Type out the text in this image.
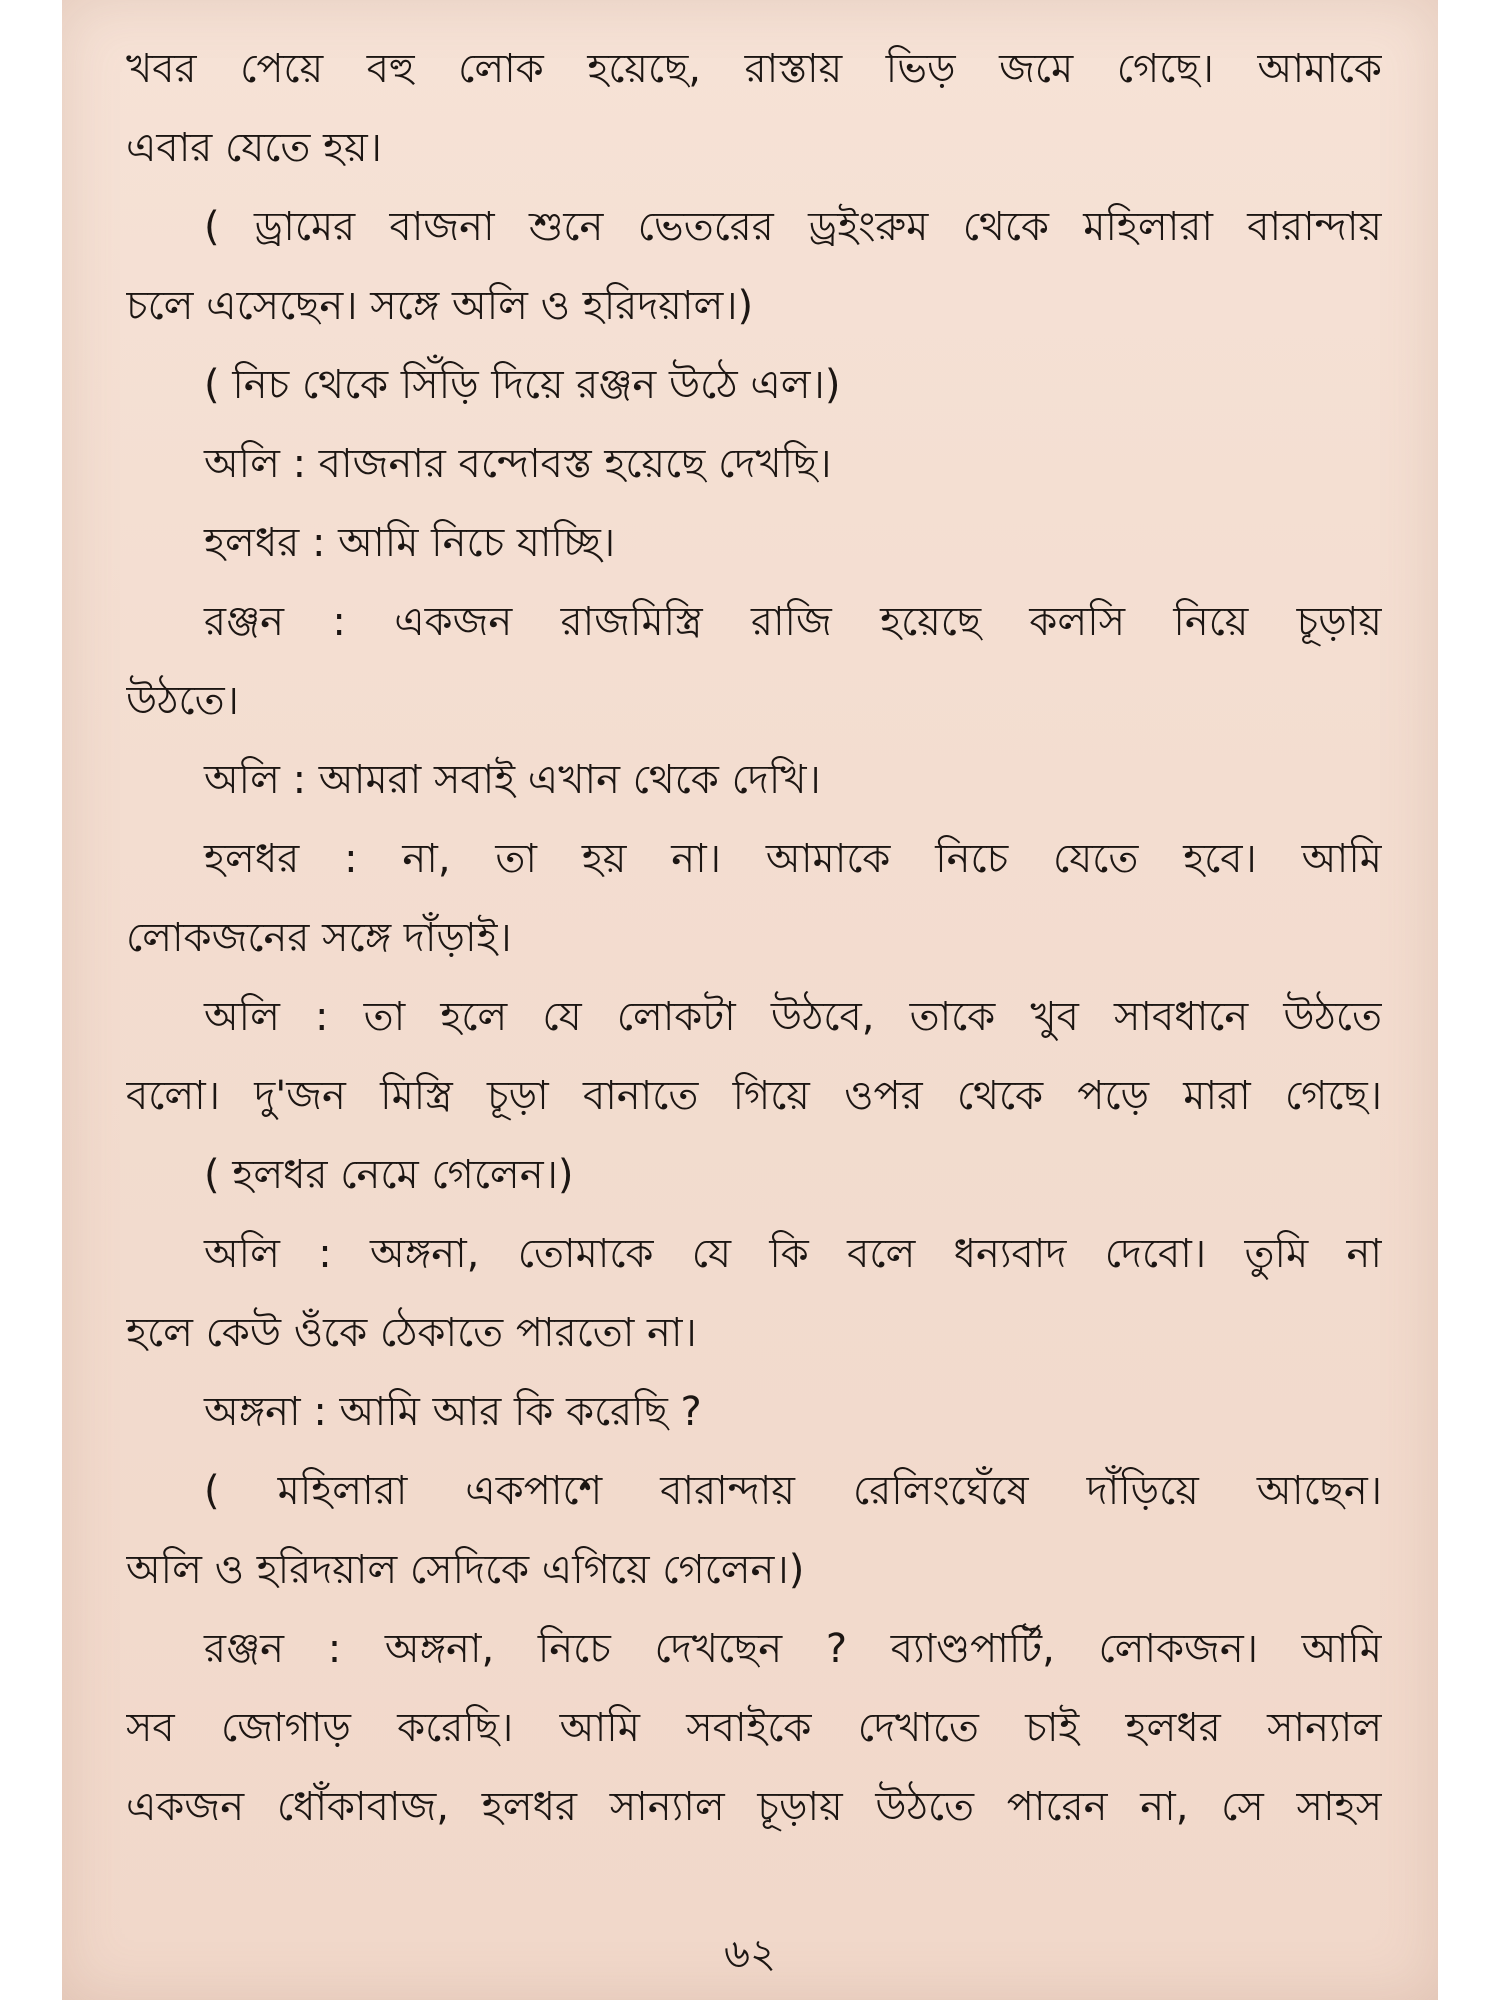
খবর পেয়ে বহু লোক হয়েছে, রাস্তায় ভিড় জমে গেছে। আমাকে
এবার যেতে হয়।
( ড্রামের বাজনা শুনে ভেতরের ড্রইংরুম থেকে মহিলারা বারান্দায়
চলে এসেছেন। সঙ্গে অলি ও হরিদয়াল।)
( নিচ থেকে সিঁড়ি দিয়ে রঞ্জন উঠে এল।)
অলি : বাজনার বন্দোবস্ত হয়েছে দেখছি।
হলধর : আমি নিচে যাচ্ছি।
রঞ্জন : একজন রাজমিস্ত্রি রাজি হয়েছে কলসি নিয়ে চূড়ায়
উঠতে।
অলি : আমরা সবাই এখান থেকে দেখি।
হলধর : না, তা হয় না। আমাকে নিচে যেতে হবে। আমি
লোকজনের সঙ্গে দাঁড়াই।
অলি : তা হলে যে লোকটা উঠবে, তাকে খুব সাবধানে উঠতে
বলো। দু'জন মিস্ত্রি চূড়া বানাতে গিয়ে ওপর থেকে পড়ে মারা গেছে।
( হলধর নেমে গেলেন।)
অলি : অঙ্গনা, তোমাকে যে কি বলে ধন্যবাদ দেবো। তুমি না
হলে কেউ ওঁকে ঠেকাতে পারতো না।
অঙ্গনা : আমি আর কি করেছি ?
( মহিলারা একপাশে বারান্দায় রেলিংঘেঁষে দাঁড়িয়ে আছেন।
অলি ও হরিদয়াল সেদিকে এগিয়ে গেলেন।)
রঞ্জন : অঙ্গনা, নিচে দেখছেন ? ব্যাণ্ডপার্টি, লোকজন। আমি
সব জোগাড় করেছি। আমি সবাইকে দেখাতে চাই হলধর সান্যাল
একজন ধোঁকাবাজ, হলধর সান্যাল চূড়ায় উঠতে পারেন না, সে সাহস
৬২
